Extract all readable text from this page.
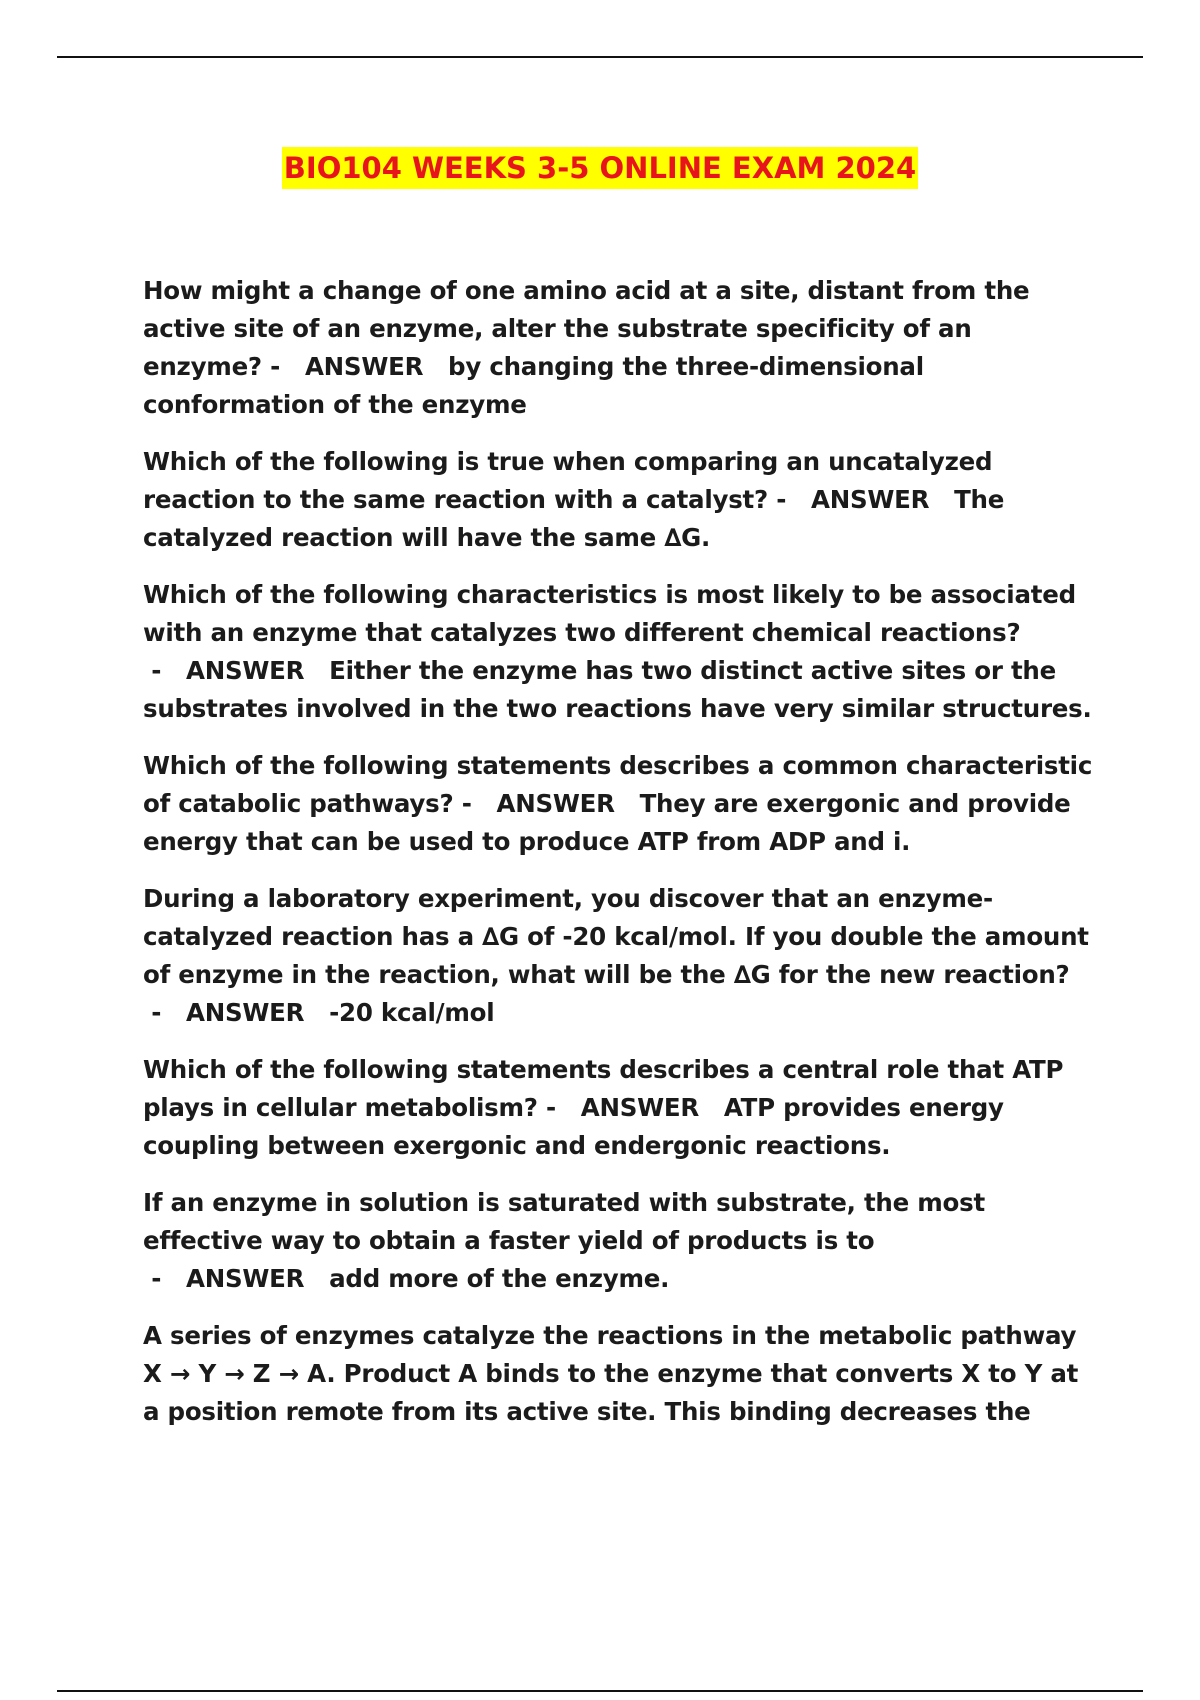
BIO104 WEEKS 3-5 ONLINE EXAM 2024

How might a change of one amino acid at a site, distant from the active site of an enzyme, alter the substrate specificity of an enzyme? -   ANSWER by changing the three-dimensional conformation of the enzyme

Which of the following is true when comparing an uncatalyzed reaction to the same reaction with a catalyst? -   ANSWER The catalyzed reaction will have the same ∆G.

Which of the following characteristics is most likely to be associated with an enzyme that catalyzes two different chemical reactions? -   ANSWER Either the enzyme has two distinct active sites or the substrates involved in the two reactions have very similar structures.

Which of the following statements describes a common characteristic of catabolic pathways? -   ANSWER They are exergonic and provide energy that can be used to produce ATP from ADP and i.

During a laboratory experiment, you discover that an enzyme-catalyzed reaction has a ∆G of -20 kcal/mol. If you double the amount of enzyme in the reaction, what will be the ∆G for the new reaction? -   ANSWER -20 kcal/mol

Which of the following statements describes a central role that ATP plays in cellular metabolism? -   ANSWER ATP provides energy coupling between exergonic and endergonic reactions.

If an enzyme in solution is saturated with substrate, the most effective way to obtain a faster yield of products is to -   ANSWER add more of the enzyme.

A series of enzymes catalyze the reactions in the metabolic pathway X → Y → Z → A. Product A binds to the enzyme that converts X to Y at a position remote from its active site. This binding decreases the
